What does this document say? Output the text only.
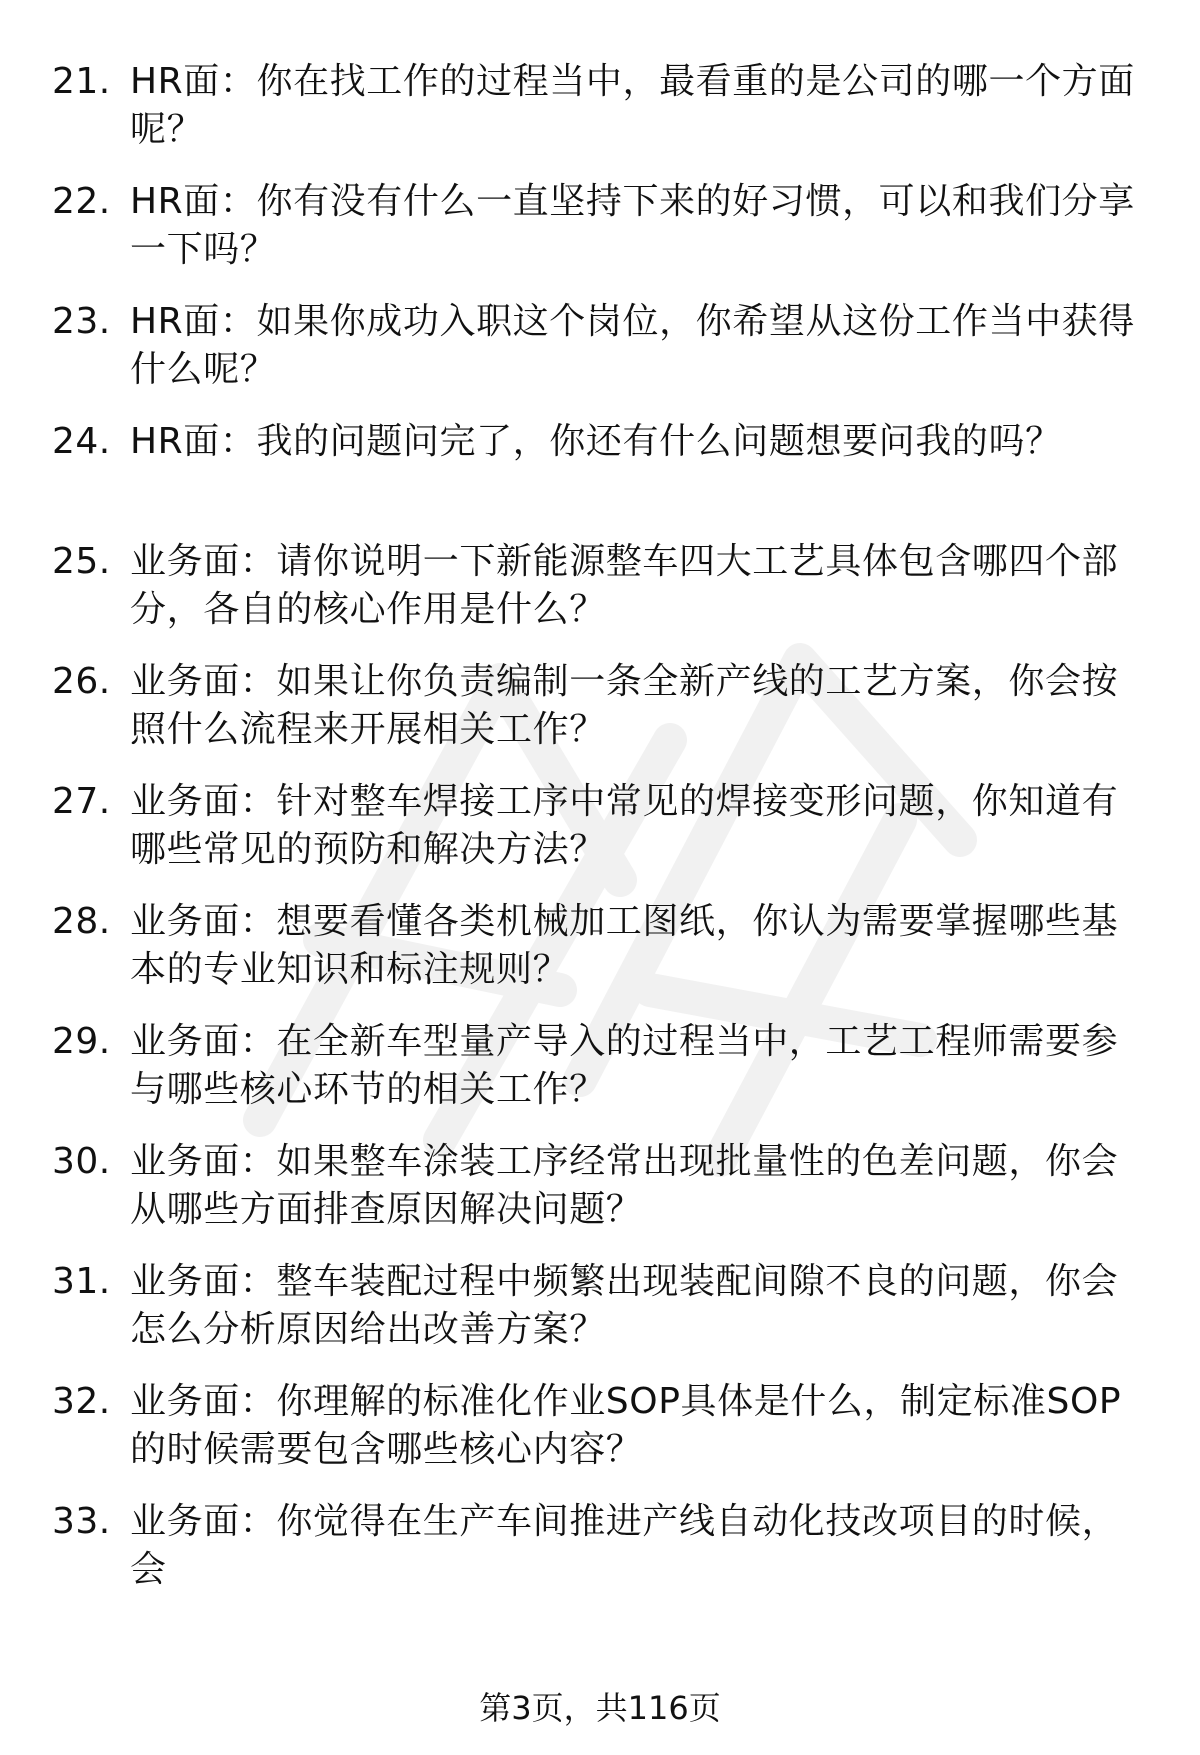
21. HR面：你在找工作的过程当中，最看重的是公司的哪一个方面呢？
22. HR面：你有没有什么一直坚持下来的好习惯，可以和我们分享一下吗？
23. HR面：如果你成功入职这个岗位，你希望从这份工作当中获得什么呢？
24. HR面：我的问题问完了，你还有什么问题想要问我的吗？
25. 业务面：请你说明一下新能源整车四大工艺具体包含哪四个部分，各自的核心作用是什么？
26. 业务面：如果让你负责编制一条全新产线的工艺方案，你会按照什么流程来开展相关工作？
27. 业务面：针对整车焊接工序中常见的焊接变形问题，你知道有哪些常见的预防和解决方法？
28. 业务面：想要看懂各类机械加工图纸，你认为需要掌握哪些基本的专业知识和标注规则？
29. 业务面：在全新车型量产导入的过程当中，工艺工程师需要参与哪些核心环节的相关工作？
30. 业务面：如果整车涂装工序经常出现批量性的色差问题，你会从哪些方面排查原因解决问题？
31. 业务面：整车装配过程中频繁出现装配间隙不良的问题，你会怎么分析原因给出改善方案？
32. 业务面：你理解的标准化作业SOP具体是什么，制定标准SOP的时候需要包含哪些核心内容？
33. 业务面：你觉得在生产车间推进产线自动化技改项目的时候，会
第3页，共116页
